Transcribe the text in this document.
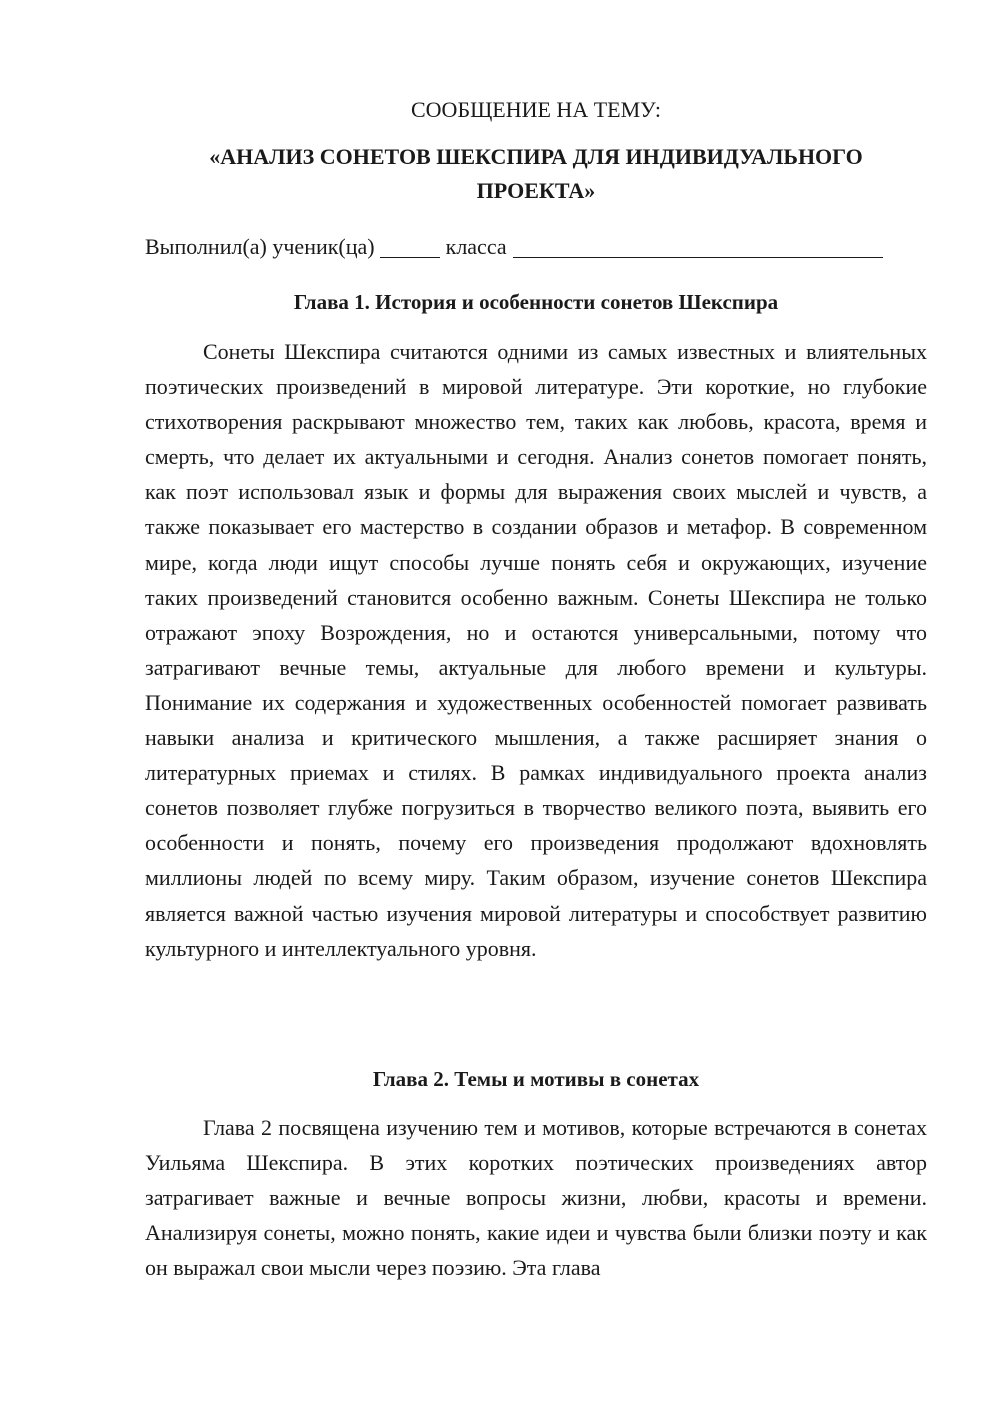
СООБЩЕНИЕ НА ТЕМУ:
«АНАЛИЗ СОНЕТОВ ШЕКСПИРА ДЛЯ ИНДИВИДУАЛЬНОГО
ПРОЕКТА»
Выполнил(а) ученик(ца)	класса
Глава 1. История и особенности сонетов Шекспира

Сонеты Шекспира считаются одними из самых известных и влиятельных поэтических произведений в мировой литературе. Эти короткие, но глубокие стихотворения раскрывают множество тем, таких как любовь, красота, время и смерть, что делает их актуальными и сегодня. Анализ сонетов помогает понять, как поэт использовал язык и формы для выражения своих мыслей и чувств, а также показывает его мастерство в создании образов и метафор. В современном мире, когда люди ищут способы лучше понять себя и окружающих, изучение таких произведений становится особенно важным. Сонеты Шекспира не только отражают эпоху Возрождения, но и остаются универсальными, потому что затрагивают вечные темы, актуальные для любого времени и культуры. Понимание их содержания и художественных особенностей помогает развивать навыки анализа и критического мышления, а также расширяет знания о литературных приемах и стилях. В рамках индивидуального проекта анализ сонетов позволяет глубже погрузиться в творчество великого поэта, выявить его особенности и понять, почему его произведения продолжают вдохновлять миллионы людей по всему миру. Таким образом, изучение сонетов Шекспира является важной частью изучения мировой литературы и способствует развитию культурного и интеллектуального уровня.

Глава 2. Темы и мотивы в сонетах

Глава 2 посвящена изучению тем и мотивов, которые встречаются в сонетах Уильяма Шекспира. В этих коротких поэтических произведениях автор затрагивает важные и вечные вопросы жизни, любви, красоты и времени. Анализируя сонеты, можно понять, какие идеи и чувства были близки поэту и как он выражал свои мысли через поэзию. Эта глава
